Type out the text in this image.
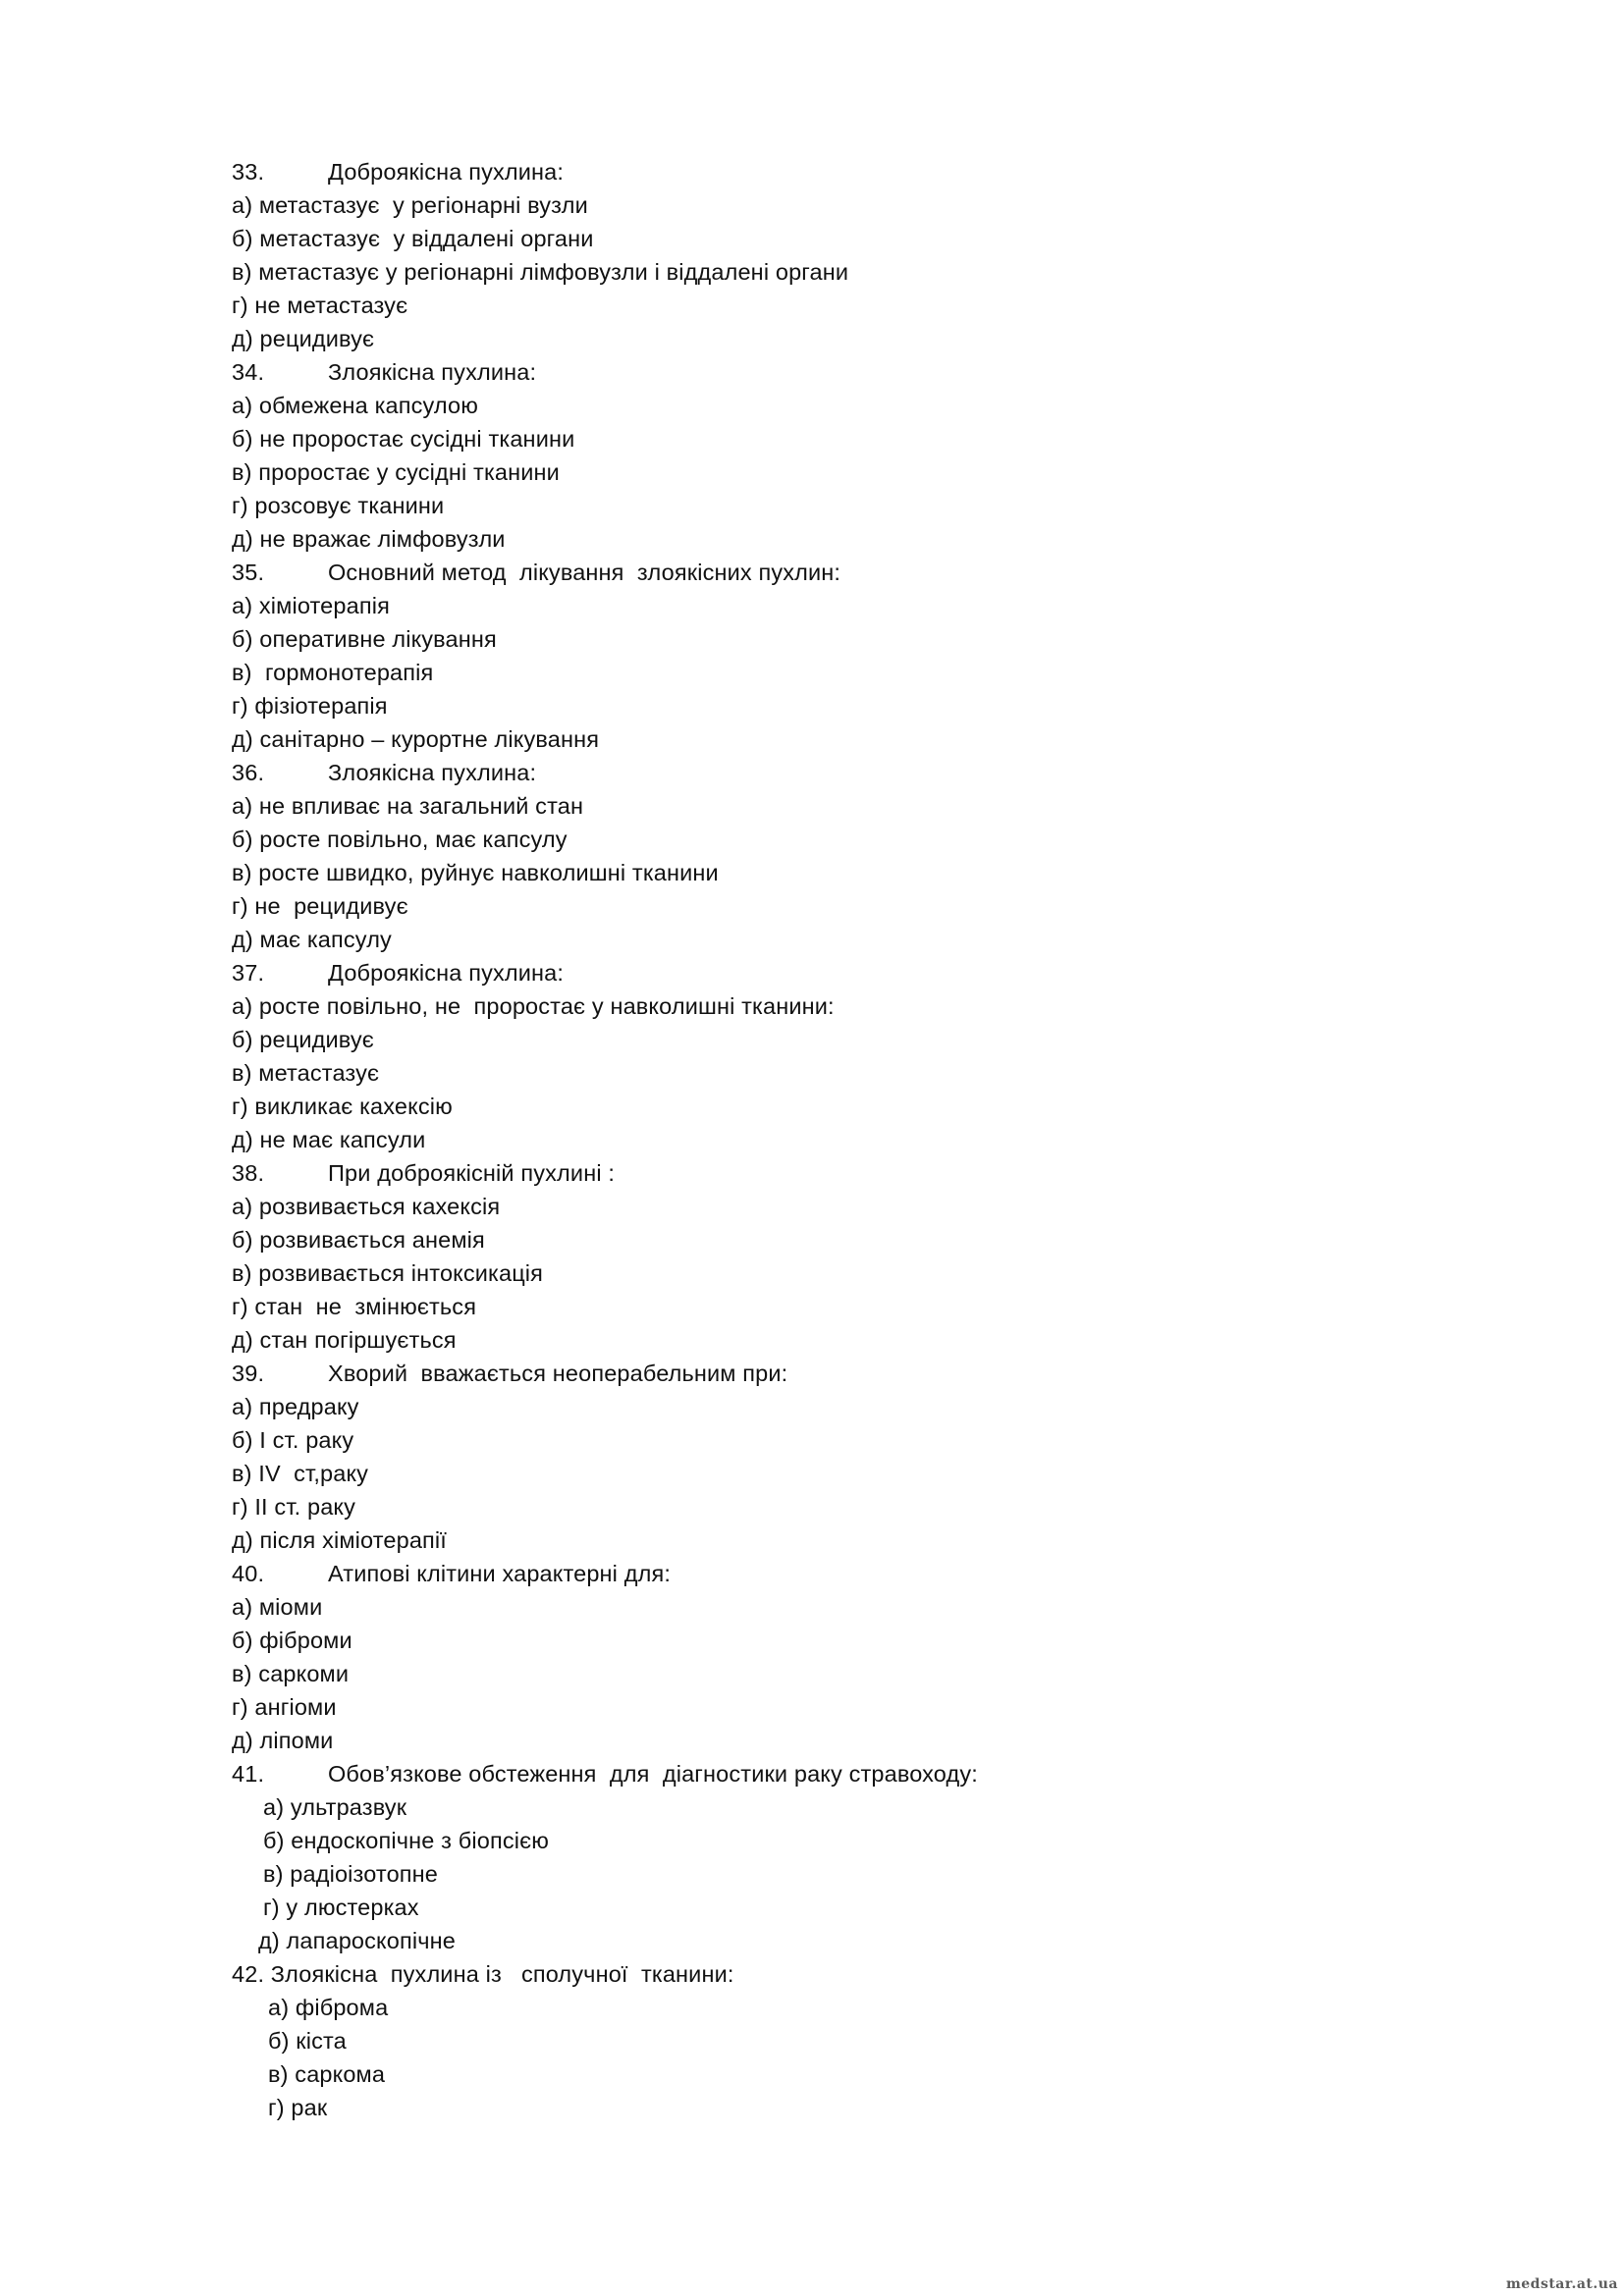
33.	Доброякісна пухлина:
а) метастазує  у регіонарні вузли
б) метастазує  у віддалені органи
в) метастазує у регіонарні лімфовузли і віддалені органи
г) не метастазує
д) рецидивує
34.	Злоякісна пухлина:
а) обмежена капсулою
б) не проростає сусідні тканини
в) проростає у сусідні тканини
г) розсовує тканини
д) не вражає лімфовузли
35.	Основний метод  лікування  злоякісних пухлин:
а) хіміотерапія
б) оперативне лікування
в)  гормонотерапія
г) фізіотерапія
д) санітарно – курортне лікування
36.	Злоякісна пухлина:
а) не впливає на загальний стан
б) росте повільно, має капсулу
в) росте швидко, руйнує навколишні тканини
г) не  рецидивує
д) має капсулу
37.	Доброякісна пухлина:
а) росте повільно, не  проростає у навколишні тканини:
б) рецидивує
в) метастазує
г) викликає кахексію
д) не має капсули
38.	При доброякісній пухлині :
а) розвивається кахексія
б) розвивається анемія
в) розвивається інтоксикація
г) стан  не  змінюється
д) стан погіршується
39.	Хворий  вважається неоперабельним при:
а) предраку
б) І ст. раку
в) ІV  ст,раку
г) ІІ ст. раку
д) після хіміотерапії
40.	Атипові клітини характерні для:
а) міоми
б) фіброми
в) саркоми
г) ангіоми
д) ліпоми
41.	Обов’язкове обстеження  для  діагностики раку стравоходу:
а) ультразвук
б) ендоскопічне з біопсією
в) радіоізотопне
г) у люстерках
д) лапароскопічне
42. Злоякісна  пухлина із   сполучної  тканини:
а) фіброма
б) кіста
в) саркома
г) рак
medstar.at.ua
